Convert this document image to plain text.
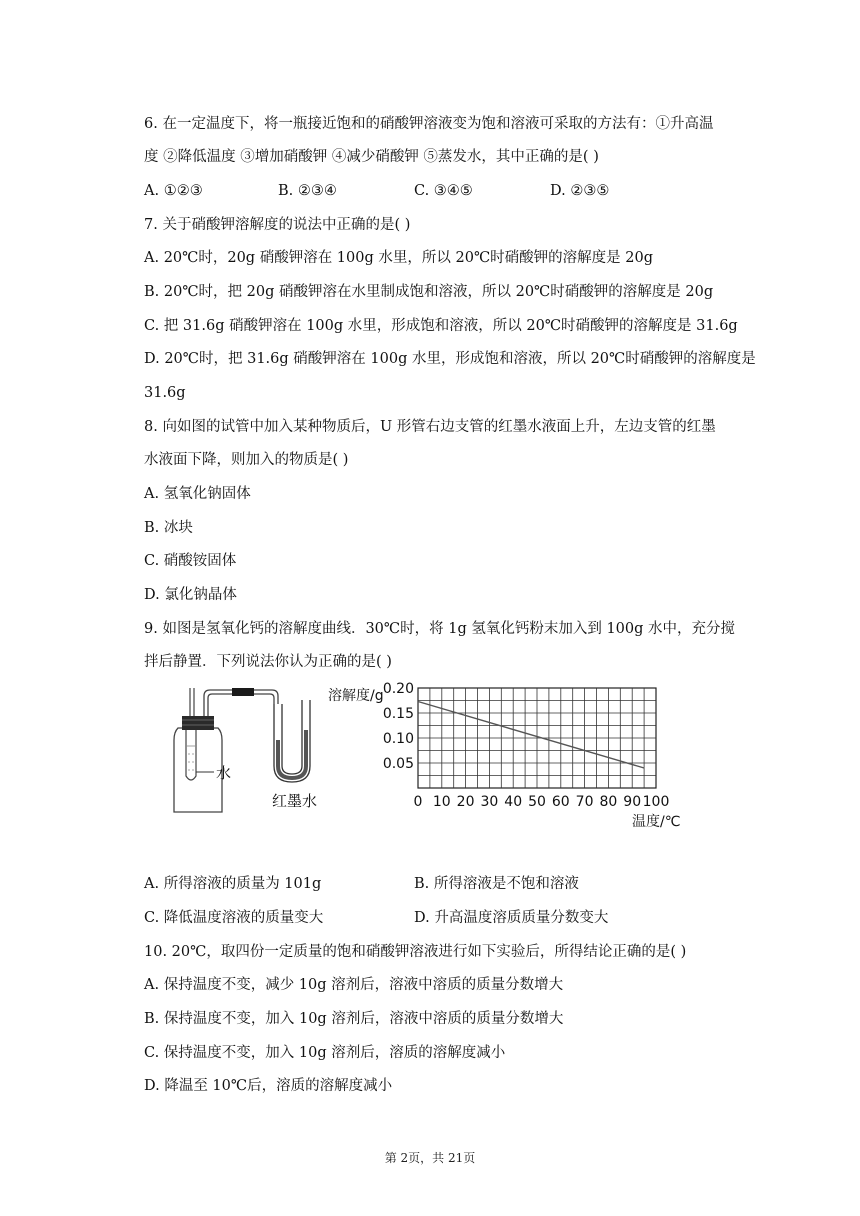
6. 在一定温度下，将一瓶接近饱和的硝酸钾溶液变为饱和溶液可采取的方法有：①升高温
度 ②降低温度 ③增加硝酸钾 ④减少硝酸钾 ⑤蒸发水，其中正确的是( )
A. ①②③	B. ②③④	C. ③④⑤	D. ②③⑤
7. 关于硝酸钾溶解度的说法中正确的是( )
A. 20℃时，20g 硝酸钾溶在 100g 水里，所以 20℃时硝酸钾的溶解度是 20g
B. 20℃时，把 20g 硝酸钾溶在水里制成饱和溶液，所以 20℃时硝酸钾的溶解度是 20g
C. 把 31.6g 硝酸钾溶在 100g 水里，形成饱和溶液，所以 20℃时硝酸钾的溶解度是 31.6g
D. 20℃时，把 31.6g 硝酸钾溶在 100g 水里，形成饱和溶液，所以 20℃时硝酸钾的溶解度是
31.6g
8. 向如图的试管中加入某种物质后，U 形管右边支管的红墨水液面上升，左边支管的红墨
水液面下降，则加入的物质是( )
A. 氢氧化钠固体
B. 冰块
C. 硝酸铵固体
D. 氯化钠晶体
9. 如图是氢氧化钙的溶解度曲线．30℃时，将 1g 氢氧化钙粉末加入到 100g 水中，充分搅
拌后静置．下列说法你认为正确的是( )
水
红墨水
溶解度/g
温度/℃
0.20
0.15
0.10
0.05
0 10 20 30 40 50 60 70 80 90 100
A. 所得溶液的质量为 101g	B. 所得溶液是不饱和溶液
C. 降低温度溶液的质量变大	D. 升高温度溶质质量分数变大
10. 20℃，取四份一定质量的饱和硝酸钾溶液进行如下实验后，所得结论正确的是( )
A. 保持温度不变，减少 10g 溶剂后，溶液中溶质的质量分数增大
B. 保持温度不变，加入 10g 溶剂后，溶液中溶质的质量分数增大
C. 保持温度不变，加入 10g 溶剂后，溶质的溶解度减小
D. 降温至 10℃后，溶质的溶解度减小
第 2页，共 21页
